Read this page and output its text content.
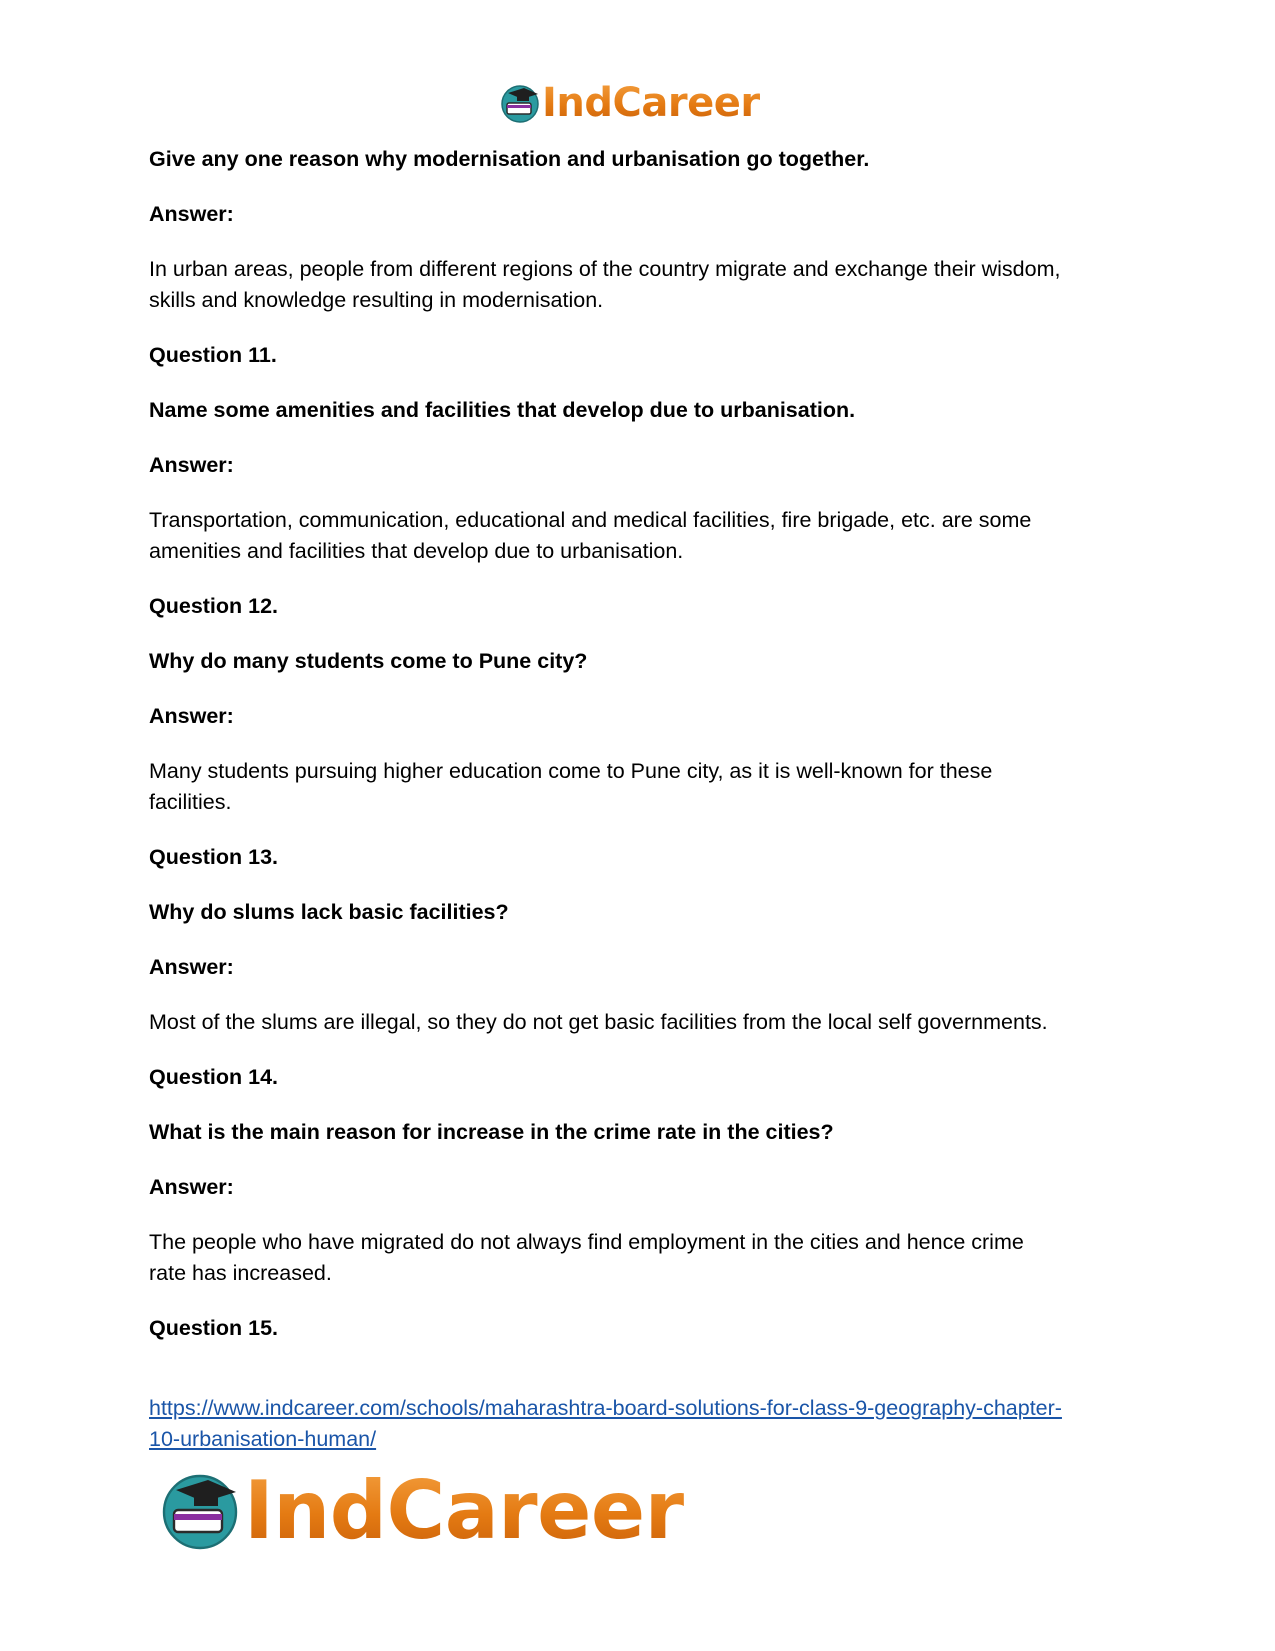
IndCareer

Give any one reason why modernisation and urbanisation go together.

Answer:

In urban areas, people from different regions of the country migrate and exchange their wisdom,

skills and knowledge resulting in modernisation.

Question 11.

Name some amenities and facilities that develop due to urbanisation.

Answer:

Transportation, communication, educational and medical facilities, fire brigade, etc. are some

amenities and facilities that develop due to urbanisation.

Question 12.

Why do many students come to Pune city?

Answer:

Many students pursuing higher education come to Pune city, as it is well-known for these

facilities.

Question 13.

Why do slums lack basic facilities?

Answer:

Most of the slums are illegal, so they do not get basic facilities from the local self governments.

Question 14.

What is the main reason for increase in the crime rate in the cities?

Answer:

The people who have migrated do not always find employment in the cities and hence crime

rate has increased.

Question 15.

https://www.indcareer.com/schools/maharashtra-board-solutions-for-class-9-geography-chapter-
10-urbanisation-human/
IndCareer
